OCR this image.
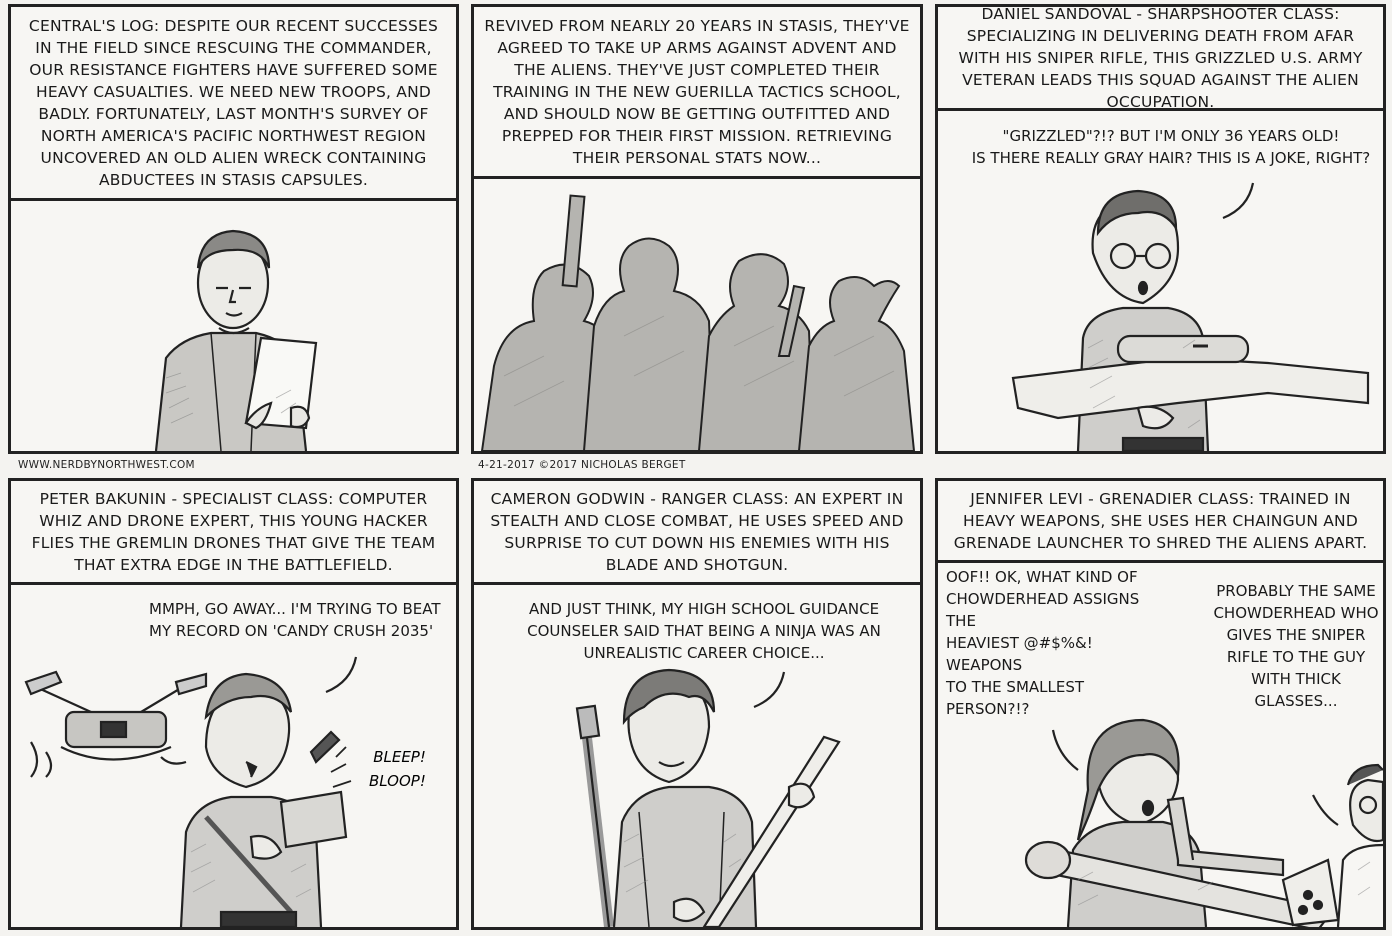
CENTRAL'S LOG: DESPITE OUR RECENT SUCCESSES IN THE FIELD SINCE RESCUING THE COMMANDER, OUR RESISTANCE FIGHTERS HAVE SUFFERED SOME HEAVY CASUALTIES. WE NEED NEW TROOPS, AND BADLY. FORTUNATELY, LAST MONTH'S SURVEY OF NORTH AMERICA'S PACIFIC NORTHWEST REGION UNCOVERED AN OLD ALIEN WRECK CONTAINING ABDUCTEES IN STASIS CAPSULES.
REVIVED FROM NEARLY 20 YEARS IN STASIS, THEY'VE AGREED TO TAKE UP ARMS AGAINST ADVENT AND THE ALIENS. THEY'VE JUST COMPLETED THEIR TRAINING IN THE NEW GUERILLA TACTICS SCHOOL, AND SHOULD NOW BE GETTING OUTFITTED AND PREPPED FOR THEIR FIRST MISSION. RETRIEVING THEIR PERSONAL STATS NOW...
DANIEL SANDOVAL - SHARPSHOOTER CLASS: SPECIALIZING IN DELIVERING DEATH FROM AFAR WITH HIS SNIPER RIFLE, THIS GRIZZLED U.S. ARMY VETERAN LEADS THIS SQUAD AGAINST THE ALIEN OCCUPATION.
"GRIZZLED"?!? BUT I'M ONLY 36 YEARS OLD!
IS THERE REALLY GRAY HAIR? THIS IS A JOKE, RIGHT?
WWW.NERDBYNORTHWEST.COM	4-21-2017 ©2017 NICHOLAS BERGET
PETER BAKUNIN - SPECIALIST CLASS: COMPUTER WHIZ AND DRONE EXPERT, THIS YOUNG HACKER FLIES THE GREMLIN DRONES THAT GIVE THE TEAM THAT EXTRA EDGE IN THE BATTLEFIELD.
MMPH, GO AWAY... I'M TRYING TO BEAT
MY RECORD ON 'CANDY CRUSH 2035'
BLEEP!
BLOOP!
CAMERON GODWIN - RANGER CLASS: AN EXPERT IN STEALTH AND CLOSE COMBAT, HE USES SPEED AND SURPRISE TO CUT DOWN HIS ENEMIES WITH HIS BLADE AND SHOTGUN.
AND JUST THINK, MY HIGH SCHOOL GUIDANCE
COUNSELER SAID THAT BEING A NINJA WAS AN
UNREALISTIC CAREER CHOICE...
JENNIFER LEVI - GRENADIER CLASS: TRAINED IN HEAVY WEAPONS, SHE USES HER CHAINGUN AND GRENADE LAUNCHER TO SHRED THE ALIENS APART.
OOF!! OK, WHAT KIND OF
CHOWDERHEAD ASSIGNS THE
HEAVIEST @#$%&! WEAPONS
TO THE SMALLEST
PERSON?!?
PROBABLY THE SAME
CHOWDERHEAD WHO
GIVES THE SNIPER
RIFLE TO THE GUY
WITH THICK
GLASSES...
